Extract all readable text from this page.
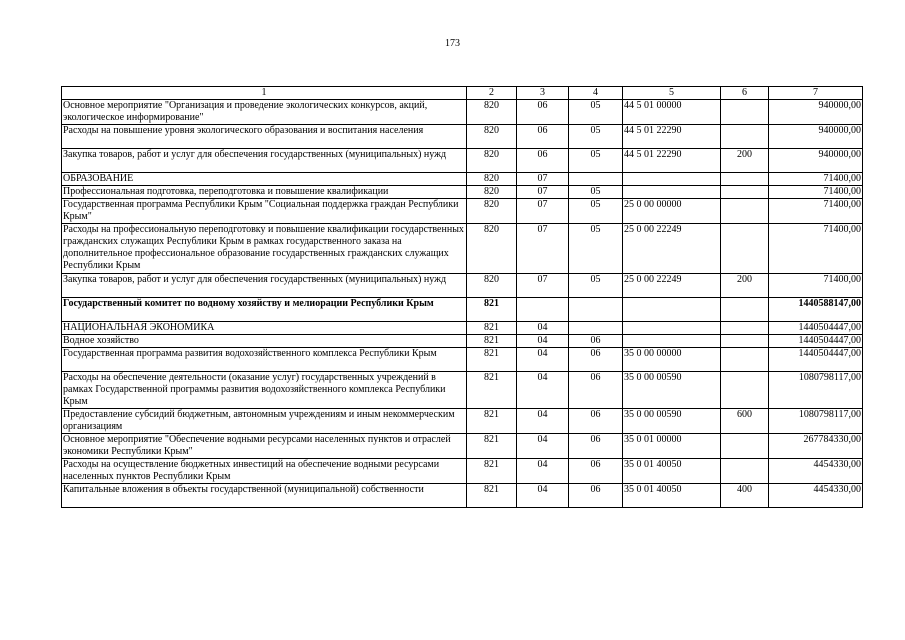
173
1	2	3	4	5	6	7
Основное мероприятие "Организация и проведение экологических конкурсов, акций, экологическое информирование"	820	06	05	44 5 01 00000		940000,00
Расходы на повышение уровня экологического образования и воспитания населения	820	06	05	44 5 01 22290		940000,00
Закупка товаров, работ и услуг для обеспечения государственных (муниципальных) нужд	820	06	05	44 5 01 22290	200	940000,00
ОБРАЗОВАНИЕ	820	07				71400,00
Профессиональная подготовка, переподготовка и повышение квалификации	820	07	05			71400,00
Государственная программа Республики Крым "Социальная поддержка граждан Республики Крым"	820	07	05	25 0 00 00000		71400,00
Расходы на профессиональную переподготовку и повышение квалификации государственных гражданских служащих Республики Крым в рамках государственного заказа на дополнительное профессиональное образование государственных гражданских служащих Республики Крым	820	07	05	25 0 00 22249		71400,00
Закупка товаров, работ и услуг для обеспечения государственных (муниципальных) нужд	820	07	05	25 0 00 22249	200	71400,00
Государственный комитет по водному хозяйству и мелиорации Республики Крым	821					1440588147,00
НАЦИОНАЛЬНАЯ ЭКОНОМИКА	821	04				1440504447,00
Водное хозяйство	821	04	06			1440504447,00
Государственная программа развития водохозяйственного комплекса Республики Крым	821	04	06	35 0 00 00000		1440504447,00
Расходы на обеспечение деятельности (оказание услуг) государственных учреждений в рамках Государственной программы развития водохозяйственного комплекса Республики Крым	821	04	06	35 0 00 00590		1080798117,00
Предоставление субсидий бюджетным, автономным учреждениям и иным некоммерческим организациям	821	04	06	35 0 00 00590	600	1080798117,00
Основное мероприятие "Обеспечение водными ресурсами населенных пунктов и отраслей экономики Республики Крым"	821	04	06	35 0 01 00000		267784330,00
Расходы на осуществление бюджетных инвестиций на обеспечение водными ресурсами населенных пунктов Республики Крым	821	04	06	35 0 01 40050		4454330,00
Капитальные вложения в объекты государственной (муниципальной) собственности	821	04	06	35 0 01 40050	400	4454330,00
